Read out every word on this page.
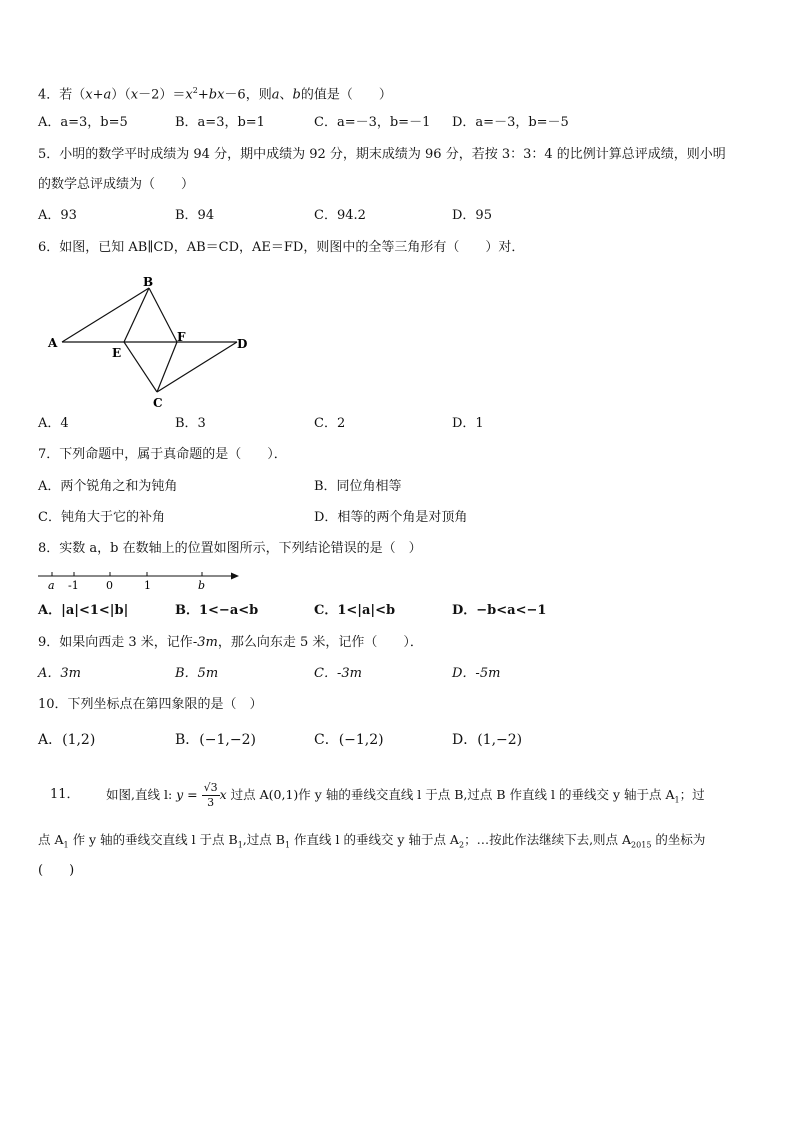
4．若$(x+a)(x-2)=x^2+bx-6$，则a、b的值是（　　）
A．a=3，b=5	B．a=3，b=1	C．a=－3，b=－1 D．a=－3，b=－5
5．小明的数学平时成绩为 94 分，期中成绩为 92 分，期末成绩为 96 分，若按 3：3：4 的比例计算总评成绩，则小明
的数学总评成绩为（　　）
A．93	B．94	C．94.2	D．95
6．如图，已知 AB∥CD，AB＝CD，AE＝FD，则图中的全等三角形有（　　）对．
A
B
E
F	D
C
A．4	B．3	C．2	D．1
7．下列命题中，属于真命题的是（　　）．
A．两个锐角之和为钝角	B．同位角相等
C．钝角大于它的补角	D．相等的两个角是对顶角
8．实数 a，b 在数轴上的位置如图所示，下列结论错误的是（　）
a -1 0	1	b
A．|a|<1<|b|	B．1<−a<b	C．1<|a|<b	D．−b<a<−1
9．如果向西走 3 米，记作-3m，那么向东走 5 米，记作（　　）．
A．3m	B．5m	C．-3m	D．-5m
10．下列坐标点在第四象限的是（　）
A．(1,2)	B．(−1,−2)	C．(−1,2)	D．(1,−2)
11． 如图,直线 l: $y = \frac{√3}{3}$ x 过点 A(0,1)作 y 轴的垂线交直线 l 于点 B,过点 B 作直线 l 的垂线交 y 轴于点 $A_1$；过
点 $A_1$ 作 y 轴的垂线交直线 l 于点 $B_1$,过点 $B_1$ 作直线 l 的垂线交 y 轴于点 $A_2$；…按此作法继续下去,则点 $A_{2015}$ 的坐标为
(　　)
